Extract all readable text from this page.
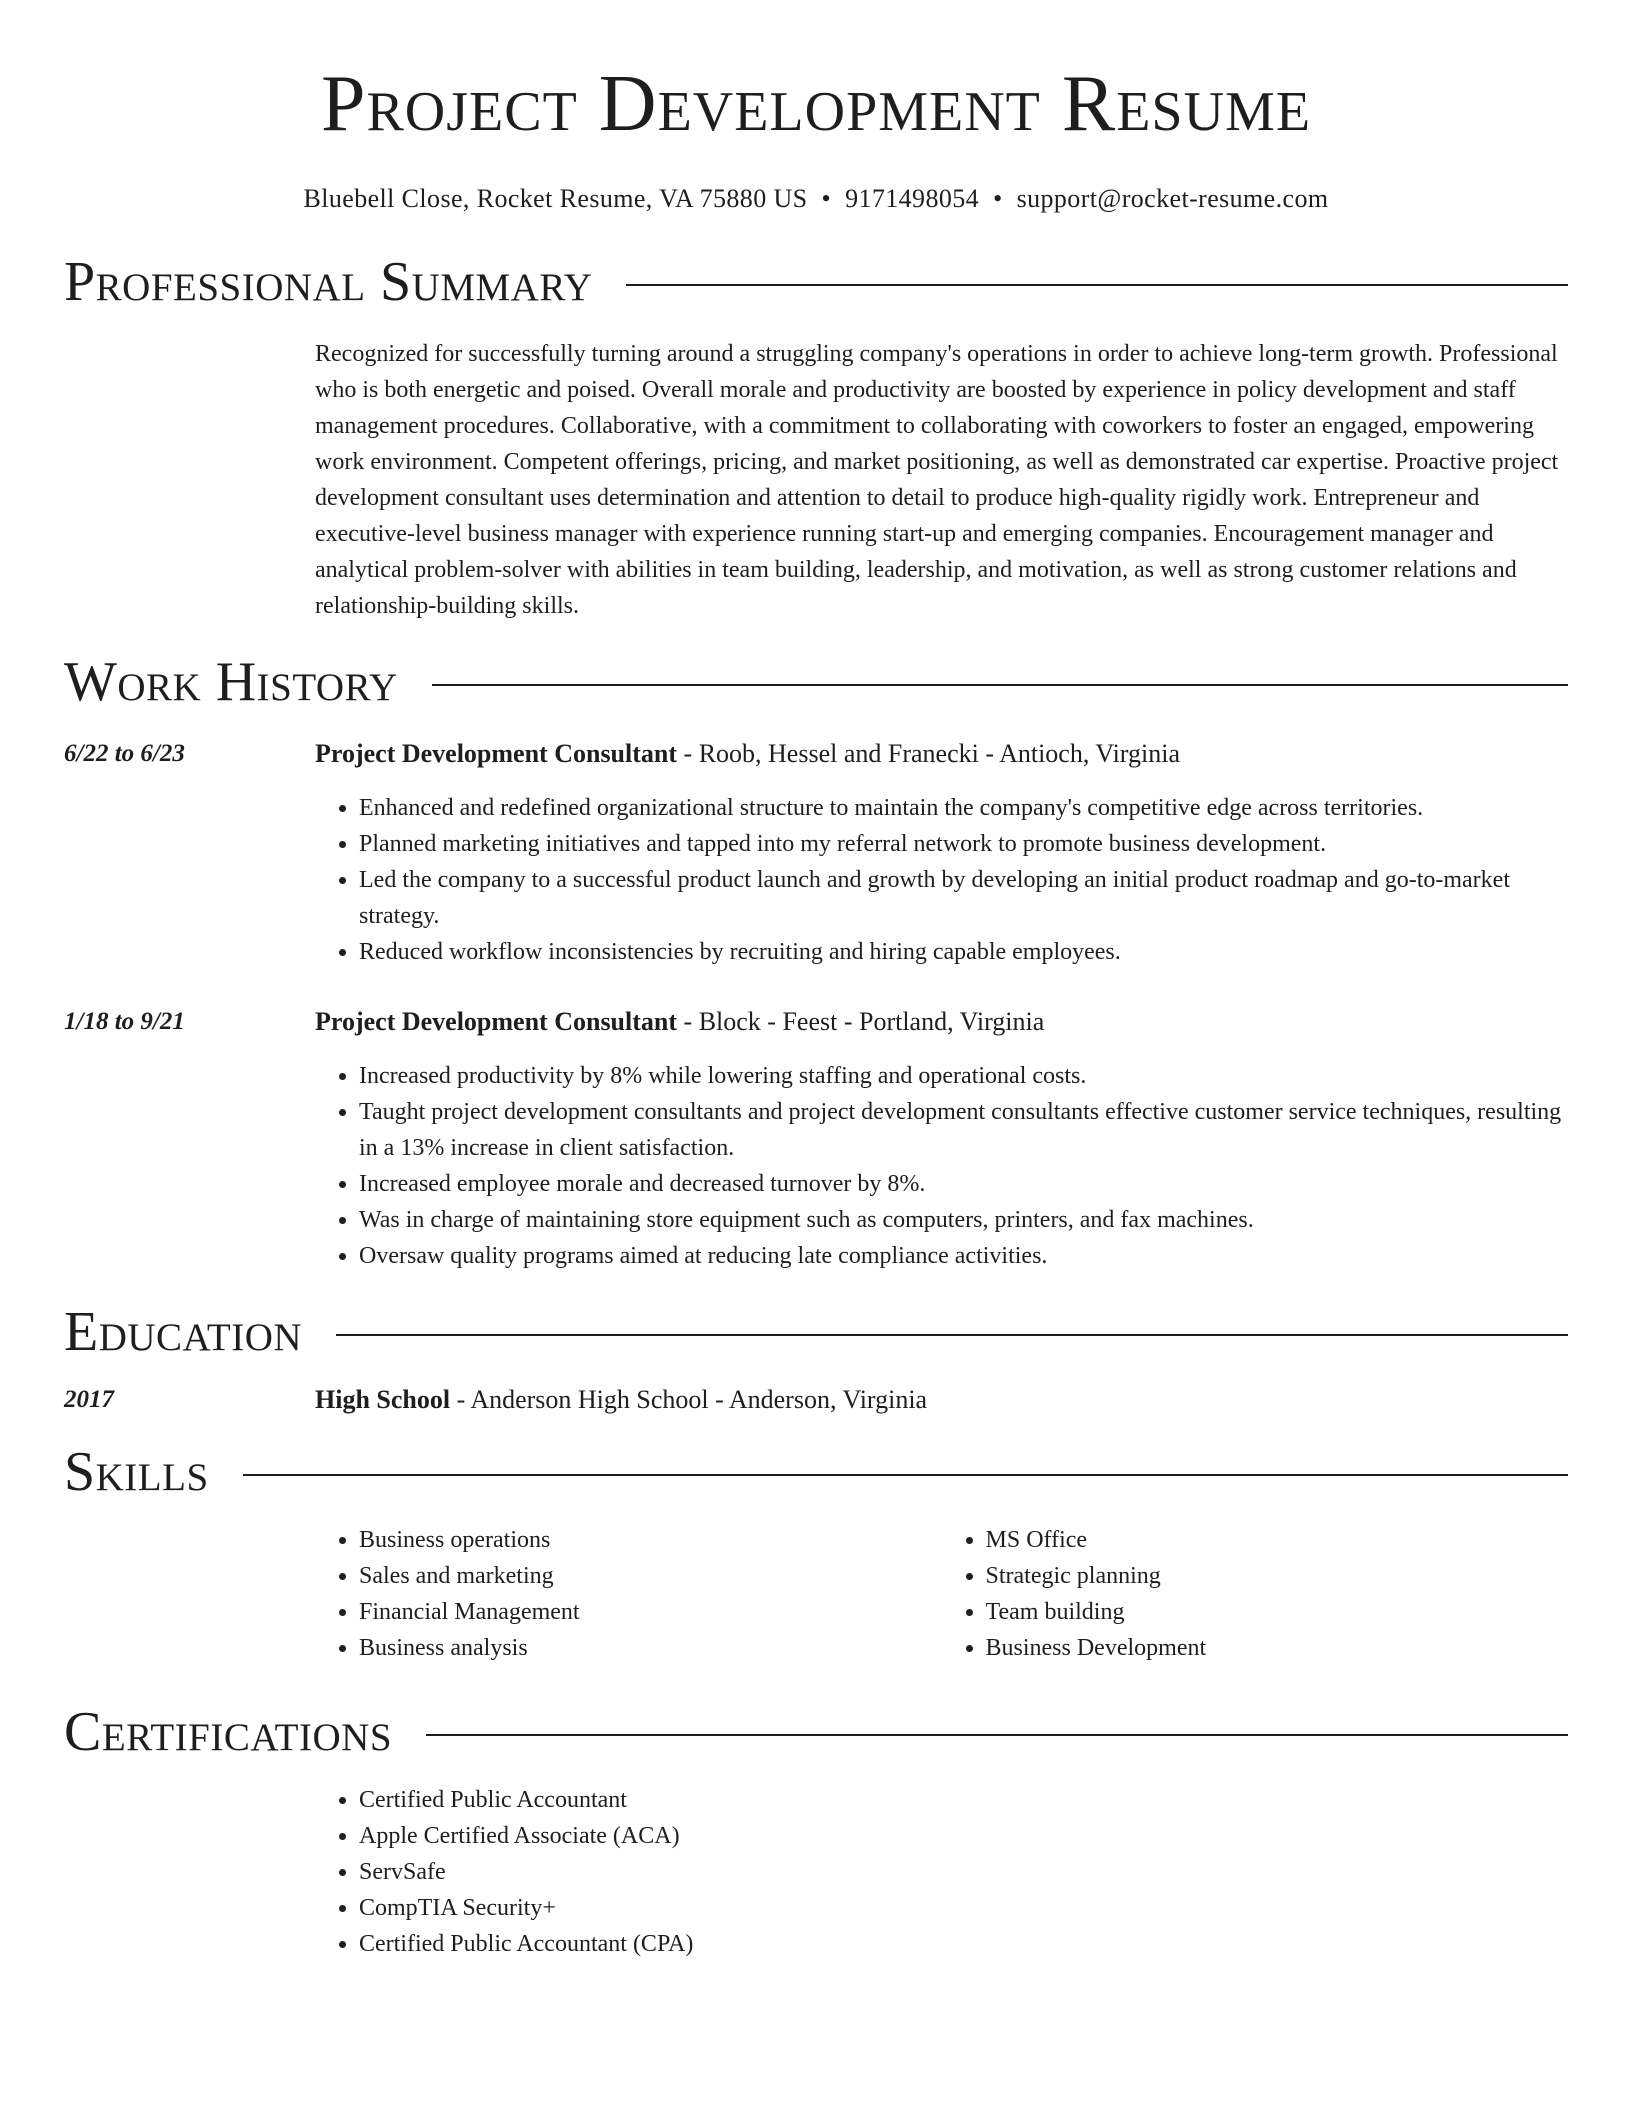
Project Development Resume
Bluebell Close, Rocket Resume, VA 75880 US • 9171498054 • support@rocket-resume.com
Professional Summary
Recognized for successfully turning around a struggling company's operations in order to achieve long-term growth. Professional who is both energetic and poised. Overall morale and productivity are boosted by experience in policy development and staff management procedures. Collaborative, with a commitment to collaborating with coworkers to foster an engaged, empowering work environment. Competent offerings, pricing, and market positioning, as well as demonstrated car expertise. Proactive project development consultant uses determination and attention to detail to produce high-quality rigidly work. Entrepreneur and executive-level business manager with experience running start-up and emerging companies. Encouragement manager and analytical problem-solver with abilities in team building, leadership, and motivation, as well as strong customer relations and relationship-building skills.
Work History
6/22 to 6/23	Project Development Consultant - Roob, Hessel and Franecki - Antioch, Virginia
• Enhanced and redefined organizational structure to maintain the company's competitive edge across territories.
• Planned marketing initiatives and tapped into my referral network to promote business development.
• Led the company to a successful product launch and growth by developing an initial product roadmap and go-to-market strategy.
• Reduced workflow inconsistencies by recruiting and hiring capable employees.
1/18 to 9/21	Project Development Consultant - Block - Feest - Portland, Virginia
• Increased productivity by 8% while lowering staffing and operational costs.
• Taught project development consultants and project development consultants effective customer service techniques, resulting in a 13% increase in client satisfaction.
• Increased employee morale and decreased turnover by 8%.
• Was in charge of maintaining store equipment such as computers, printers, and fax machines.
• Oversaw quality programs aimed at reducing late compliance activities.
Education
2017	High School - Anderson High School - Anderson, Virginia
Skills
• Business operations
• Sales and marketing
• Financial Management
• Business analysis
• MS Office
• Strategic planning
• Team building
• Business Development
Certifications
• Certified Public Accountant
• Apple Certified Associate (ACA)
• ServSafe
• CompTIA Security+
• Certified Public Accountant (CPA)
